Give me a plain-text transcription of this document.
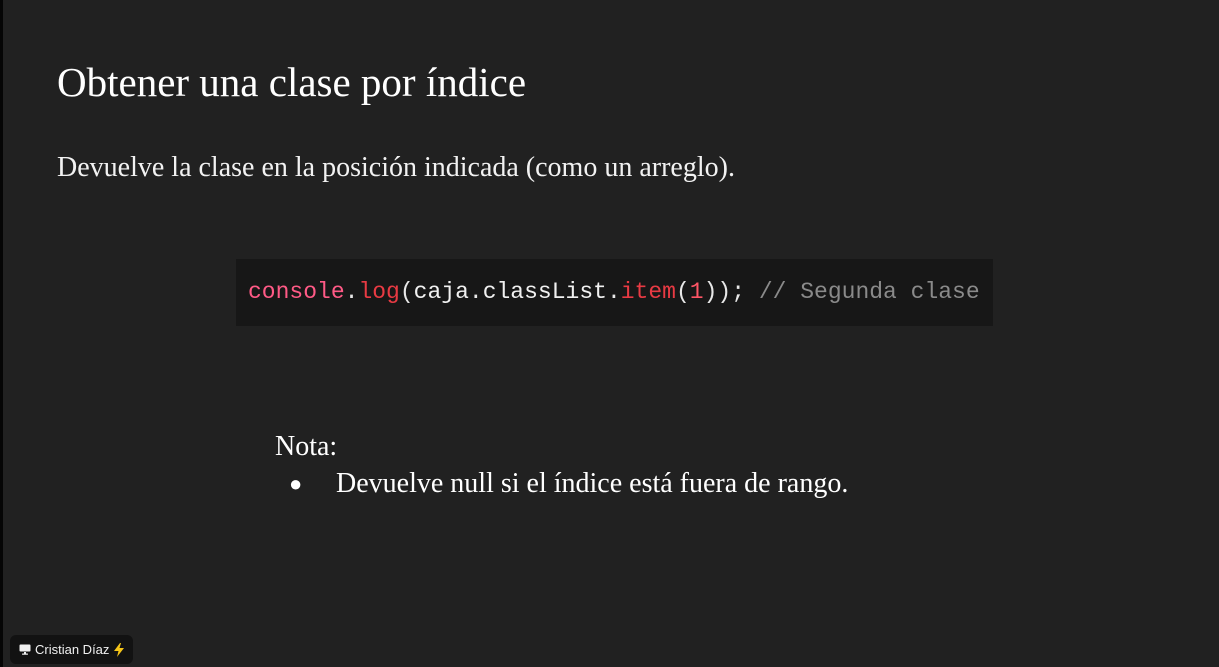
Obtener una clase por índice

Devuelve la clase en la posición indicada (como un arreglo).

console.log(caja.classList.item(1)); // Segunda clase

Nota:

● Devuelve null si el índice está fuera de rango.
Cristian Díaz
